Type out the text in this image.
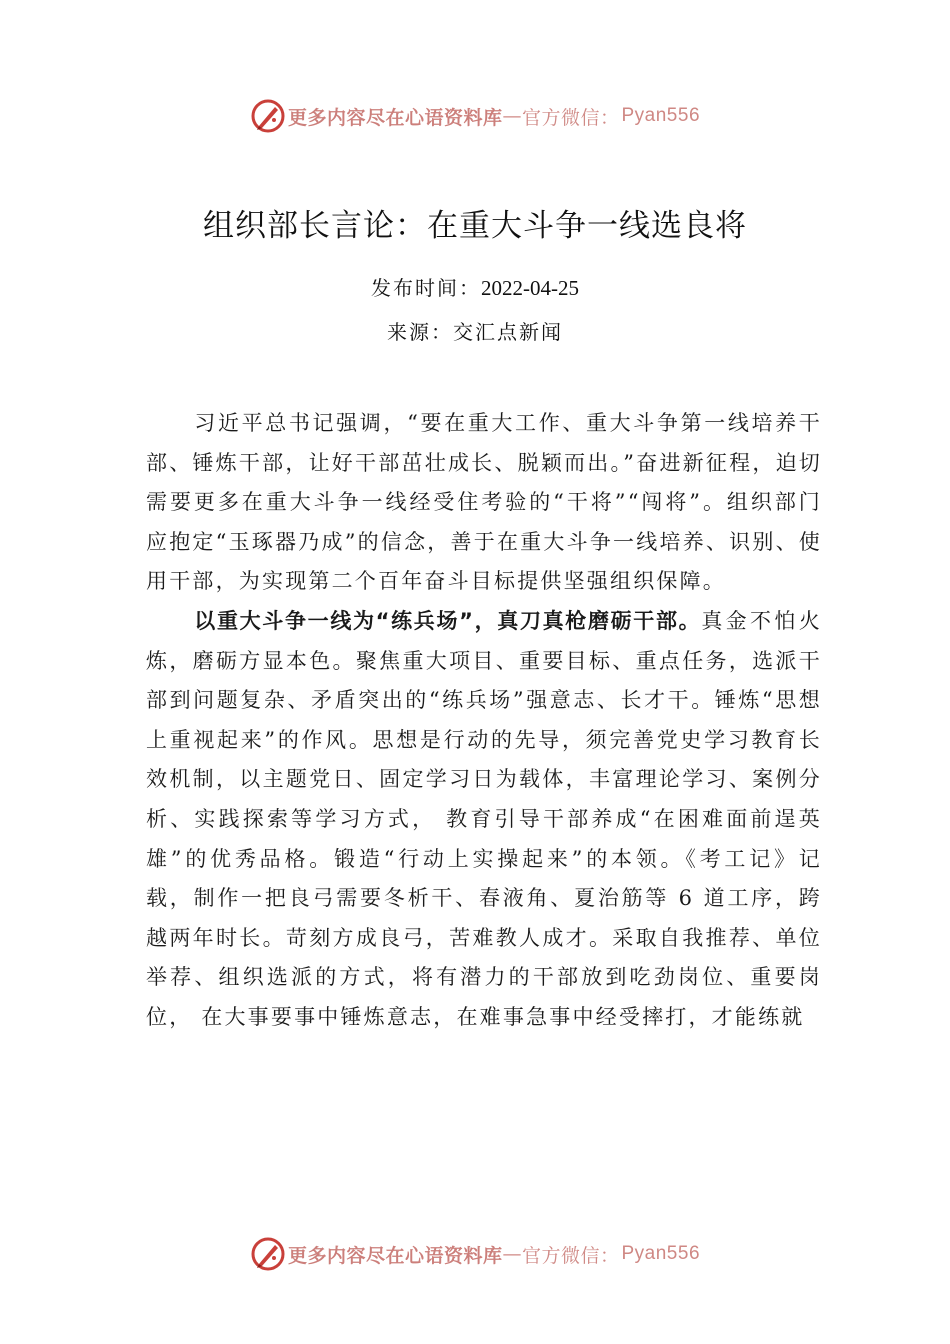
更多内容尽在心语资料库 — 官方微信： Pyan556
组织部长言论：在重大斗争一线选良将
发布时间：2022-04-25
来源：交汇点新闻

习近平总书记强调，“要在重大工作、重大斗争第一线培养干部、锤炼干部，让好干部茁壮成长、脱颖而出。”奋进新征程，迫切需要更多在重大斗争一线经受住考验的“干将”“闯将”。组织部门应抱定“玉琢器乃成”的信念，善于在重大斗争一线培养、识别、使用干部，为实现第二个百年奋斗目标提供坚强组织保障。

以重大斗争一线为“练兵场”，真刀真枪磨砺干部。真金不怕火炼，磨砺方显本色。聚焦重大项目、重要目标、重点任务，选派干部到问题复杂、矛盾突出的“练兵场”强意志、长才干。锤炼“思想上重视起来”的作风。思想是行动的先导，须完善党史学习教育长效机制，以主题党日、固定学习日为载体，丰富理论学习、案例分析、实践探索等学习方式， 教育引导干部养成“在困难面前逞英雄”的优秀品格。锻造“行动上实操起来”的本领。《考工记》记载，制作一把良弓需要冬析干、春液角、夏治筋等 6 道工序，跨越两年时长。苛刻方成良弓，苦难教人成才。采取自我推荐、单位举荐、组织选派的方式，将有潜力的干部放到吃劲岗位、重要岗位， 在大事要事中锤炼意志，在难事急事中经受摔打，才能练就

更多内容尽在心语资料库 — 官方微信： Pyan556
